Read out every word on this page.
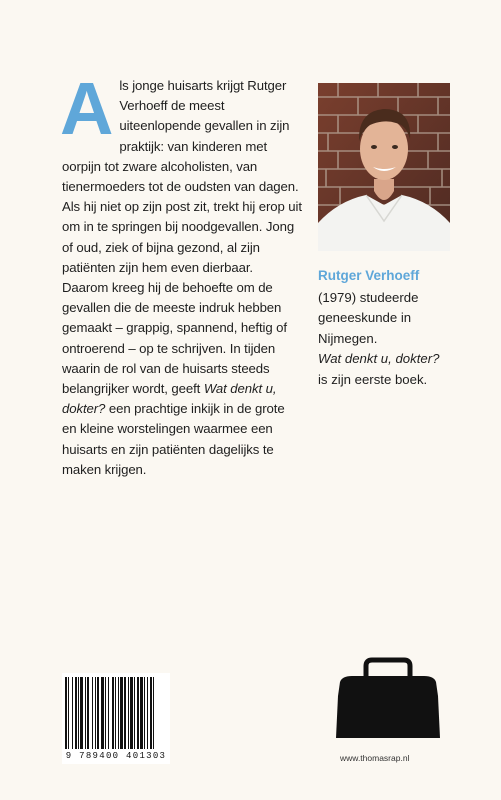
A ls jonge huisarts krijgt Rutger Verhoeff de meest uiteenlopende gevallen in zijn praktijk: van kinderen met oorpijn tot zware alcoholisten, van tienermoeders tot de oudsten van dagen. Als hij niet op zijn post zit, trekt hij erop uit om in te springen bij noodgevallen. Jong of oud, ziek of bijna gezond, al zijn patiënten zijn hem even dierbaar. Daarom kreeg hij de behoefte om de gevallen die de meeste indruk hebben gemaakt – grappig, spannend, heftig of ontroerend – op te schrijven. In tijden waarin de rol van de huisarts steeds belangrijker wordt, geeft Wat denkt u, dokter? een prachtige inkijk in de grote en kleine worstelingen waarmee een huisarts en zijn patiënten dagelijks te maken krijgen.

Rutger Verhoeff

(1979) studeerde geneeskunde in Nijmegen.
Wat denkt u, dokter?
is zijn eerste boek.

9 789400 401303	www.thomasrap.nl
